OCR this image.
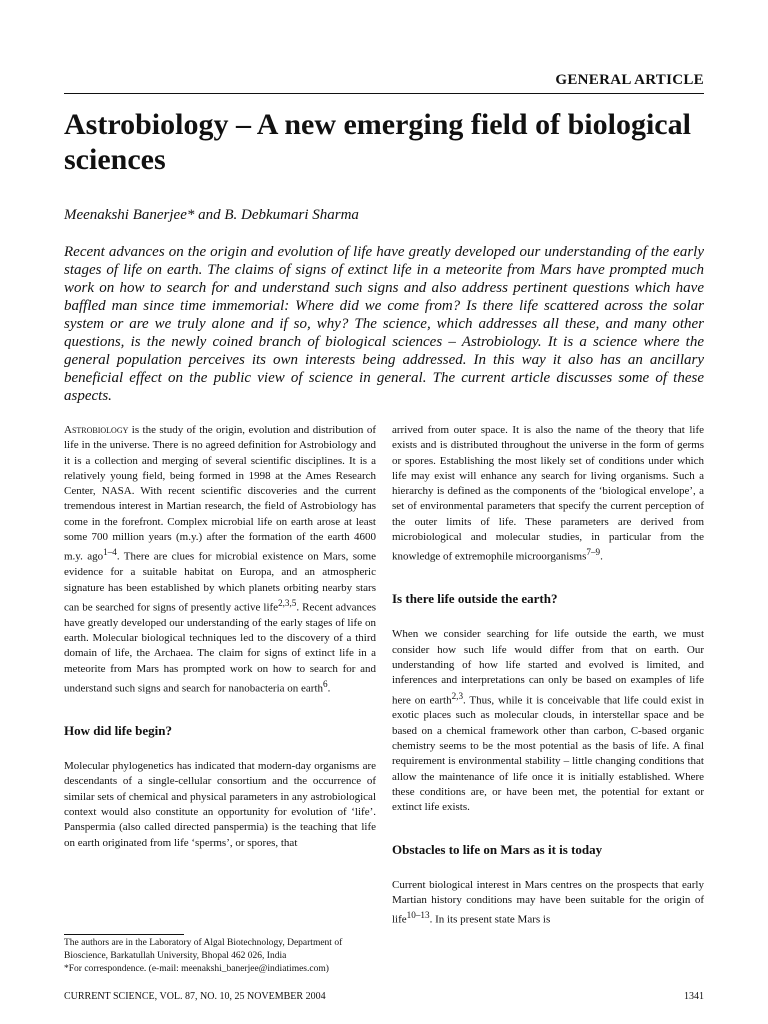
GENERAL ARTICLE
Astrobiology – A new emerging field of biological sciences
Meenakshi Banerjee* and B. Debkumari Sharma

Recent advances on the origin and evolution of life have greatly developed our understanding of the early stages of life on earth. The claims of signs of extinct life in a meteorite from Mars have prompted much work on how to search for and understand such signs and also address pertinent questions which have baffled man since time immemorial: Where did we come from? Is there life scattered across the solar system or are we truly alone and if so, why? The science, which addresses all these, and many other questions, is the newly coined branch of biological sciences – Astrobiology. It is a science where the general population perceives its own interests being addressed. In this way it also has an ancillary beneficial effect on the public view of science in general. The current article discusses some of these aspects.

Astrobiology is the study of the origin, evolution and distribution of life in the universe. There is no agreed definition for Astrobiology and it is a collection and merging of several scientific disciplines. It is a relatively young field, being formed in 1998 at the Ames Research Center, NASA. With recent scientific discoveries and the current tremendous interest in Martian research, the field of Astrobiology has come in the forefront. Complex microbial life on earth arose at least some 700 million years (m.y.) after the formation of the earth 4600 m.y. ago$^{1-4}$. There are clues for microbial existence on Mars, some evidence for a suitable habitat on Europa, and an atmospheric signature has been established by which planets orbiting nearby stars can be searched for signs of presently active life$^{2,3,5}$. Recent advances have greatly developed our understanding of the early stages of life on earth. Molecular biological techniques led to the discovery of a third domain of life, the Archaea. The claim for signs of extinct life in a meteorite from Mars has prompted work on how to search for and understand such signs and search for nanobacteria on earth$^6$.

How did life begin?

Molecular phylogenetics has indicated that modern-day organisms are descendants of a single-cellular consortium and the occurrence of similar sets of chemical and physical parameters in any astrobiological context would also constitute an opportunity for evolution of ‘life’. Panspermia (also called directed panspermia) is the teaching that life on earth originated from life ‘sperms’, or spores, that

arrived from outer space. It is also the name of the theory that life exists and is distributed throughout the universe in the form of germs or spores. Establishing the most likely set of conditions under which life may exist will enhance any search for living organisms. Such a hierarchy is defined as the components of the ‘biological envelope’, a set of environmental parameters that specify the current perception of the outer limits of life. These parameters are derived from microbiological and molecular studies, in particular from the knowledge of extremophile microorganisms$^{7-9}$.

Is there life outside the earth?

When we consider searching for life outside the earth, we must consider how such life would differ from that on earth. Our understanding of how life started and evolved is limited, and inferences and interpretations can only be based on examples of life here on earth$^{2,3}$. Thus, while it is conceivable that life could exist in exotic places such as molecular clouds, in interstellar space and be based on a chemical framework other than carbon, C-based organic chemistry seems to be the most potential as the basis of life. A final requirement is environmental stability – little changing conditions that allow the maintenance of life once it is initially established. Where these conditions are, or have been met, the potential for extant or extinct life exists.

Obstacles to life on Mars as it is today

Current biological interest in Mars centres on the prospects that early Martian history conditions may have been suitable for the origin of life$^{10-13}$. In its present state Mars is

The authors are in the Laboratory of Algal Biotechnology, Department of Bioscience, Barkatullah University, Bhopal 462 026, India
*For correspondence. (e-mail: meenakshi_banerjee@indiatimes.com)
CURRENT SCIENCE, VOL. 87, NO. 10, 25 NOVEMBER 2004	1341
